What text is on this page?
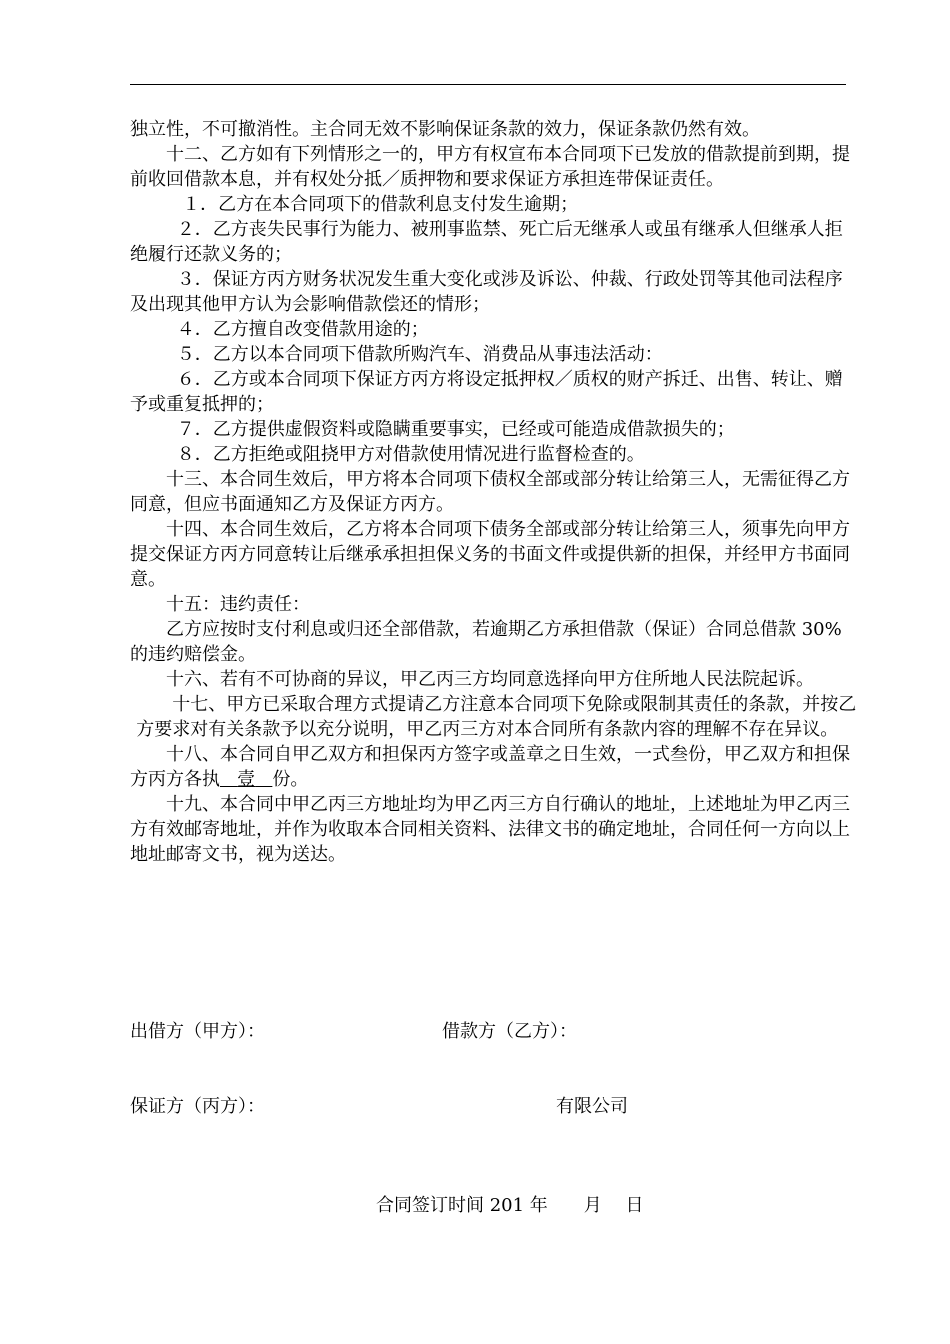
独立性，不可撤消性。主合同无效不影响保证条款的效力，保证条款仍然有效。

十二、乙方如有下列情形之一的，甲方有权宣布本合同项下已发放的借款提前到期，提前收回借款本息，并有权处分抵／质押物和要求保证方承担连带保证责任。

１．乙方在本合同项下的借款利息支付发生逾期；

２．乙方丧失民事行为能力、被刑事监禁、死亡后无继承人或虽有继承人但继承人拒绝履行还款义务的；

３．保证方丙方财务状况发生重大变化或涉及诉讼、仲裁、行政处罚等其他司法程序及出现其他甲方认为会影响借款偿还的情形；

４．乙方擅自改变借款用途的；

５．乙方以本合同项下借款所购汽车、消费品从事违法活动：

６．乙方或本合同项下保证方丙方将设定抵押权／质权的财产拆迁、出售、转让、赠予或重复抵押的；

７．乙方提供虚假资料或隐瞒重要事实，已经或可能造成借款损失的；

８．乙方拒绝或阻挠甲方对借款使用情况进行监督检查的。

十三、本合同生效后，甲方将本合同项下债权全部或部分转让给第三人，无需征得乙方同意，但应书面通知乙方及保证方丙方。

十四、本合同生效后，乙方将本合同项下债务全部或部分转让给第三人，须事先向甲方提交保证方丙方同意转让后继承承担担保义务的书面文件或提供新的担保，并经甲方书面同意。

十五：违约责任：

乙方应按时支付利息或归还全部借款，若逾期乙方承担借款（保证）合同总借款 30%的违约赔偿金。

十六、若有不可协商的异议，甲乙丙三方均同意选择向甲方住所地人民法院起诉。

十七、甲方已采取合理方式提请乙方注意本合同项下免除或限制其责任的条款，并按乙方要求对有关条款予以充分说明，甲乙丙三方对本合同所有条款内容的理解不存在异议。

十八、本合同自甲乙双方和担保丙方签字或盖章之日生效，一式叁份，甲乙双方和担保方丙方各执 壹 份。

十九、本合同中甲乙丙三方地址均为甲乙丙三方自行确认的地址，上述地址为甲乙丙三方有效邮寄地址，并作为收取本合同相关资料、法律文书的确定地址，合同任何一方向以上地址邮寄文书，视为送达。

出借方（甲方）：	借款方（乙方）：
保证方（丙方）：	有限公司
合同签订时间 201 年　　月　 日
